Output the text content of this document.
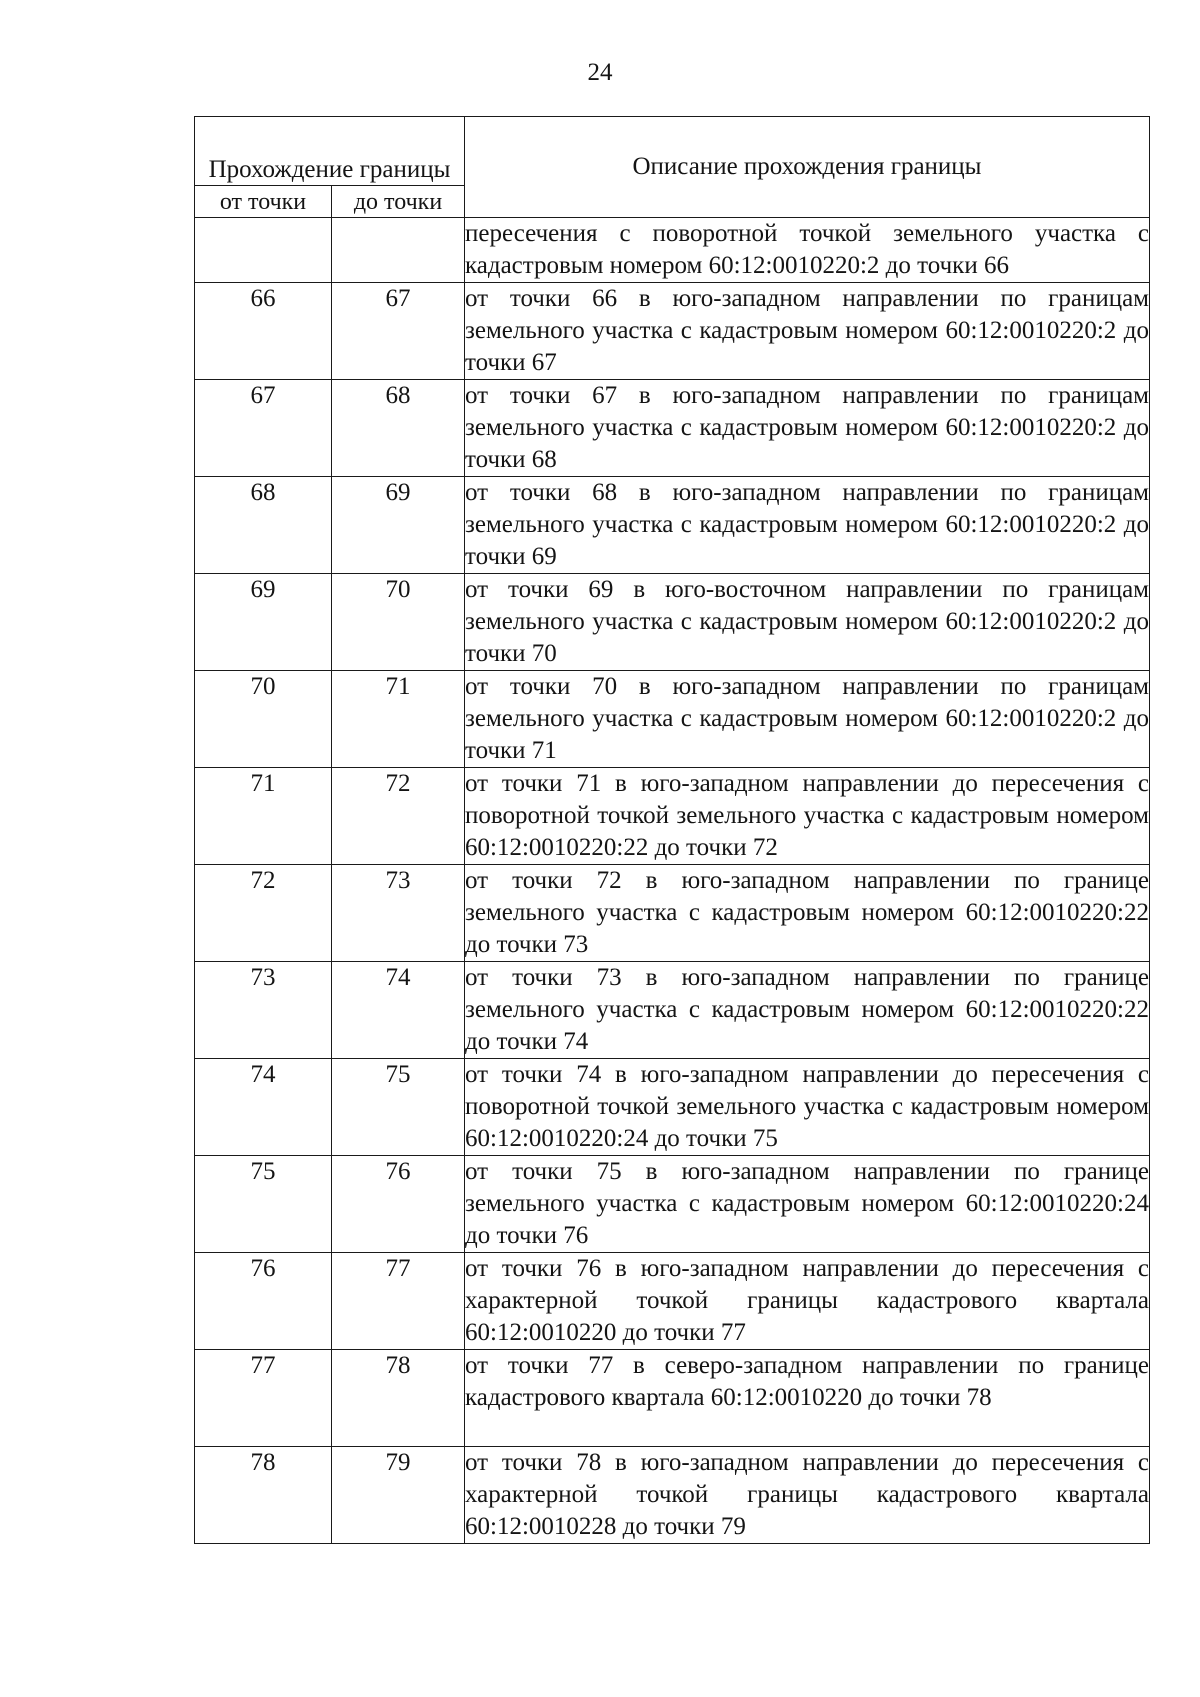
24
Прохождение границы		Описание прохождения границы
от точки	до точки	
		пересечения с поворотной точкой земельного участка с кадастровым номером 60:12:0010220:2 до точки 66
66	67	от точки 66 в юго-западном направлении по границам земельного участка с кадастровым номером 60:12:0010220:2 до точки 67
67	68	от точки 67 в юго-западном направлении по границам земельного участка с кадастровым номером 60:12:0010220:2 до точки 68
68	69	от точки 68 в юго-западном направлении по границам земельного участка с кадастровым номером 60:12:0010220:2 до точки 69
69	70	от точки 69 в юго-восточном направлении по границам земельного участка с кадастровым номером 60:12:0010220:2 до точки 70
70	71	от точки 70 в юго-западном направлении по границам земельного участка с кадастровым номером 60:12:0010220:2 до точки 71
71	72	от точки 71 в юго-западном направлении до пересечения с поворотной точкой земельного участка с кадастровым номером 60:12:0010220:22 до точки 72
72	73	от точки 72 в юго-западном направлении по границе земельного участка с кадастровым номером 60:12:0010220:22 до точки 73
73	74	от точки 73 в юго-западном направлении по границе земельного участка с кадастровым номером 60:12:0010220:22 до точки 74
74	75	от точки 74 в юго-западном направлении до пересечения с поворотной точкой земельного участка с кадастровым номером 60:12:0010220:24 до точки 75
75	76	от точки 75 в юго-западном направлении по границе земельного участка с кадастровым номером 60:12:0010220:24 до точки 76
76	77	от точки 76 в юго-западном направлении до пересечения с характерной точкой границы кадастрового квартала 60:12:0010220 до точки 77
77	78	от точки 77 в северо-западном направлении по границе кадастрового квартала 60:12:0010220 до точки 78
78	79	от точки 78 в юго-западном направлении до пересечения с характерной точкой границы кадастрового квартала 60:12:0010228 до точки 79
